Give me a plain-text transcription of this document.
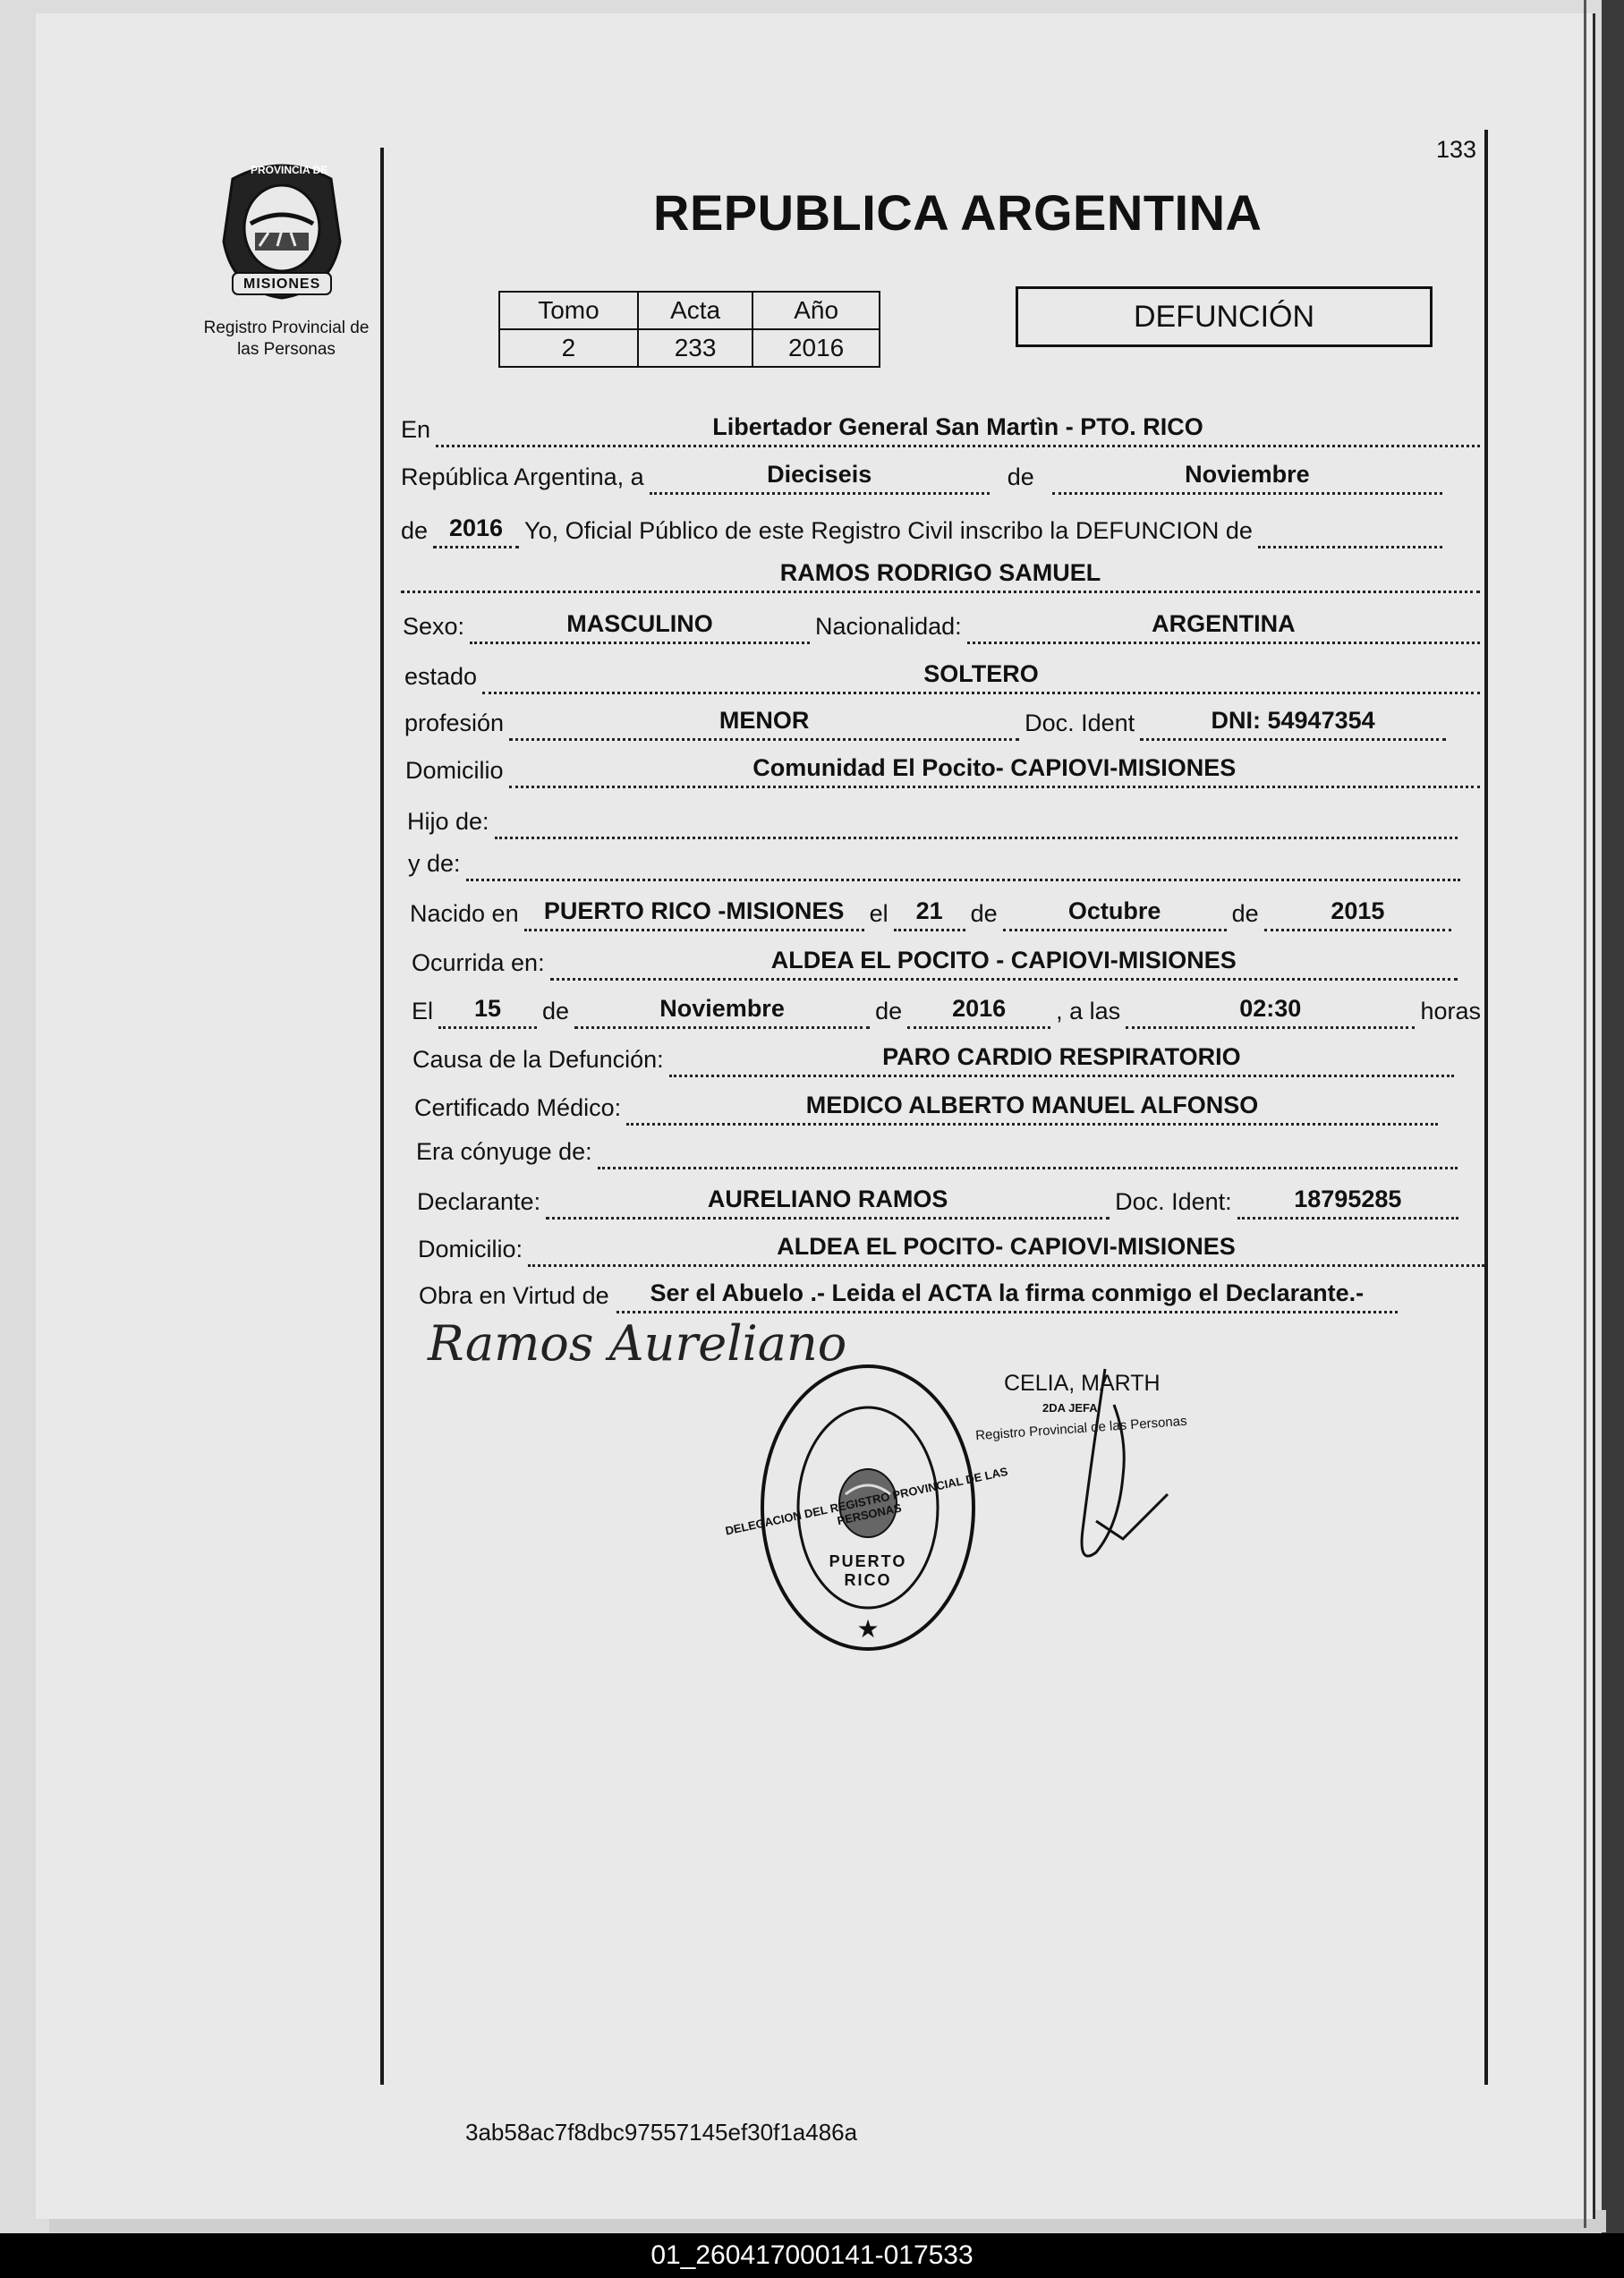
133
PROVINCIA DE
MISIONES
Registro Provincial de
las Personas
REPUBLICA ARGENTINA
Tomo	Acta	Año
2	233	2016
DEFUNCIÓN
En	Libertador General San Martìn - PTO. RICO
República Argentina, a	Dieciseis	de	Noviembre
de 2016 Yo, Oficial Público de este Registro Civil inscribo la DEFUNCION de
RAMOS RODRIGO SAMUEL
Sexo:	MASCULINO	Nacionalidad:	ARGENTINA
estado	SOLTERO
profesión	MENOR	Doc. Ident	DNI: 54947354
Domicilio	Comunidad El Pocito- CAPIOVI-MISIONES
Hijo de:
y de:
Nacido en	PUERTO RICO -MISIONES	el	21	de	Octubre	de	2015
Ocurrida en:	ALDEA EL POCITO - CAPIOVI-MISIONES
El	15	de	Noviembre	de	2016	, a las	02:30	horas
Causa de la Defunción:	PARO CARDIO RESPIRATORIO
Certificado Médico:	MEDICO ALBERTO MANUEL ALFONSO
Era cónyuge de:
Declarante:	AURELIANO RAMOS	Doc. Ident:	18795285
Domicilio:	ALDEA EL POCITO- CAPIOVI-MISIONES
Obra en Virtud de	Ser el Abuelo .- Leida el ACTA la firma conmigo el Declarante.-
Ramos Aureliano
★
DELEGACION DEL REGISTRO PROVINCIAL DE LAS PERSONAS
PUERTO RICO
CELIA, MARTH
2DA JEFA
Registro Provincial de las Personas
3ab58ac7f8dbc97557145ef30f1a486a
01_260417000141-017533
